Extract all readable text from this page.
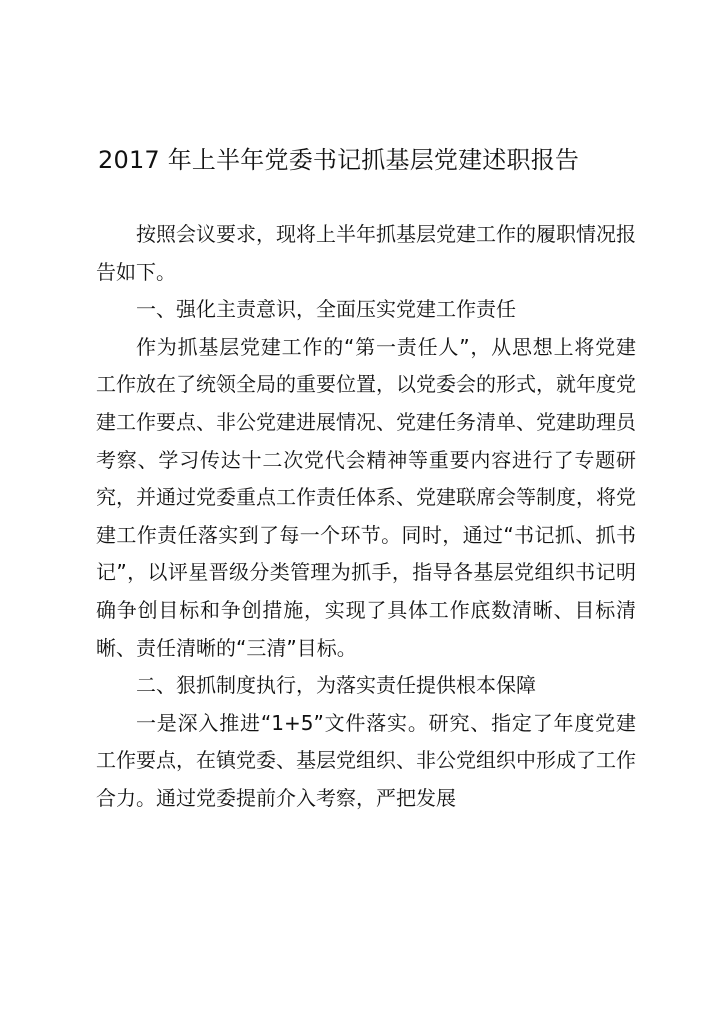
2017 年上半年党委书记抓基层党建述职报告

按照会议要求，现将上半年抓基层党建工作的履职情况报告如下。

一、强化主责意识，全面压实党建工作责任

作为抓基层党建工作的“第一责任人”，从思想上将党建工作放在了统领全局的重要位置，以党委会的形式，就年度党建工作要点、非公党建进展情况、党建任务清单、党建助理员考察、学习传达十二次党代会精神等重要内容进行了专题研究，并通过党委重点工作责任体系、党建联席会等制度，将党建工作责任落实到了每一个环节。同时，通过“书记抓、抓书记”，以评星晋级分类管理为抓手，指导各基层党组织书记明确争创目标和争创措施，实现了具体工作底数清晰、目标清晰、责任清晰的“三清”目标。

二、狠抓制度执行，为落实责任提供根本保障

一是深入推进“1+5”文件落实。研究、指定了年度党建工作要点，在镇党委、基层党组织、非公党组织中形成了工作合力。通过党委提前介入考察，严把发展
